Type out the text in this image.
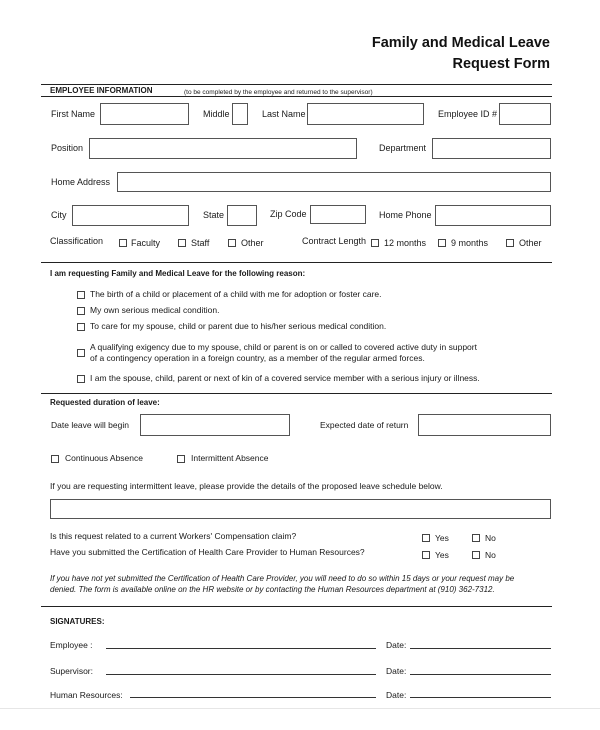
Family and Medical Leave
Request Form
EMPLOYEE INFORMATION	(to be completed by the employee and returned to the supervisor)
First Name	Middle	Last Name	Employee ID #
Position	Department
Home Address
City	State	Zip Code	Home Phone
Classification	Faculty	Staff	Other	Contract Length 12 months	9 months	Other
I am requesting Family and Medical Leave for the following reason:
The birth of a child or placement of a child with me for adoption or foster care.
My own serious medical condition.
To care for my spouse, child or parent due to his/her serious medical condition.
A qualifying exigency due to my spouse, child or parent is on or called to covered active duty in support
of a contingency operation in a foreign country, as a member of the regular armed forces.
I am the spouse, child, parent or next of kin of a covered service member with a serious injury or illness.
Requested duration of leave:
Date leave will begin	Expected date of return
Continuous Absence	Intermittent Absence
If you are requesting intermittent leave, please provide the details of the proposed leave schedule below.
Is this request related to a current Workers' Compensation claim?	Yes	No
Have you submitted the Certification of Health Care Provider to Human Resources?	Yes	No
If you have not yet submitted the Certification of Health Care Provider, you will need to do so within 15 days or your request may be
denied. The form is available online on the HR website or by contacting the Human Resources department at (910) 362-7312.
SIGNATURES:
Employee :	Date:
Supervisor:	Date:
Human Resources:	Date:
